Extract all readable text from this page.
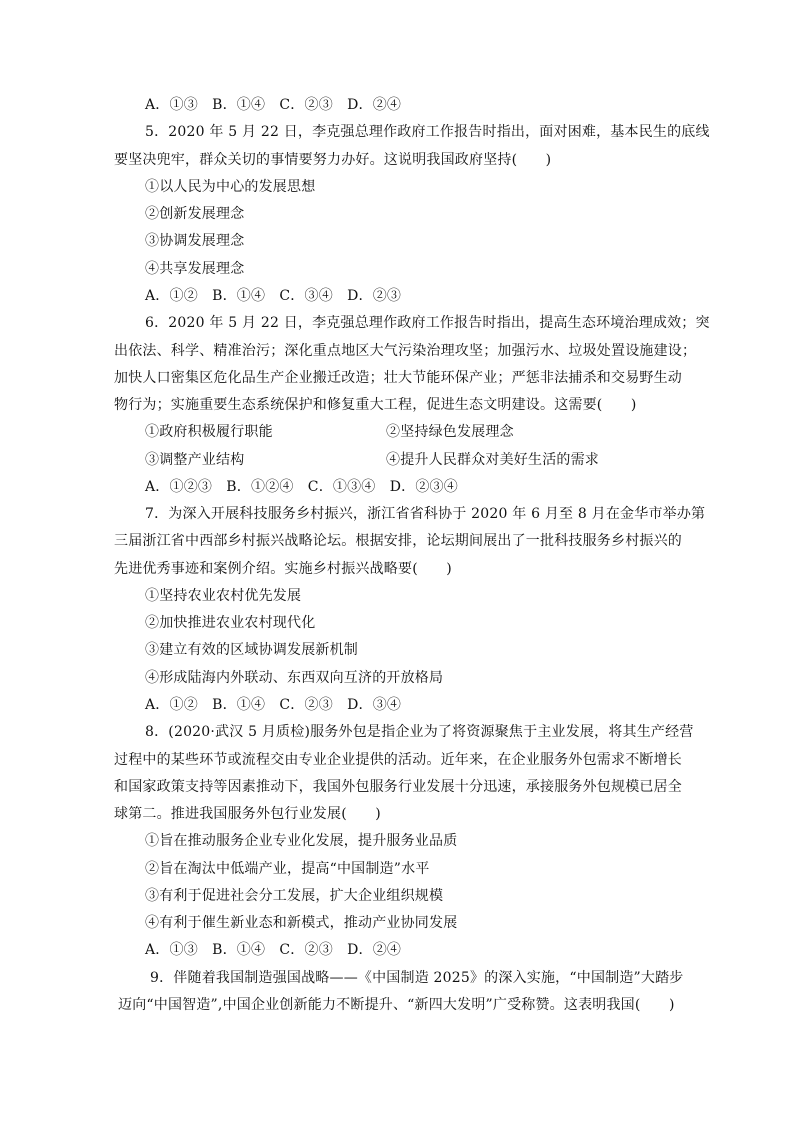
A．①③　B．①④　C．②③　D．②④
5．2020 年 5 月 22 日，李克强总理作政府工作报告时指出，面对困难，基本民生的底线
要坚决兜牢，群众关切的事情要努力办好。这说明我国政府坚持(　　)
①以人民为中心的发展思想
②创新发展理念
③协调发展理念
④共享发展理念
A．①②　B．①④　C．③④　D．②③
6．2020 年 5 月 22 日，李克强总理作政府工作报告时指出，提高生态环境治理成效；突
出依法、科学、精准治污；深化重点地区大气污染治理攻坚；加强污水、垃圾处置设施建设；
加快人口密集区危化品生产企业搬迁改造；壮大节能环保产业；严惩非法捕杀和交易野生动
物行为；实施重要生态系统保护和修复重大工程，促进生态文明建设。这需要(　　)
①政府积极履行职能	②坚持绿色发展理念
③调整产业结构	④提升人民群众对美好生活的需求
A．①②③　B．①②④　C．①③④　D．②③④
7．为深入开展科技服务乡村振兴，浙江省省科协于 2020 年 6 月至 8 月在金华市举办第
三届浙江省中西部乡村振兴战略论坛。根据安排，论坛期间展出了一批科技服务乡村振兴的
先进优秀事迹和案例介绍。实施乡村振兴战略要(　　)
①坚持农业农村优先发展
②加快推进农业农村现代化
③建立有效的区域协调发展新机制
④形成陆海内外联动、东西双向互济的开放格局
A．①②　B．①④　C．②③　D．③④
8．(2020·武汉 5 月质检)服务外包是指企业为了将资源聚焦于主业发展，将其生产经营
过程中的某些环节或流程交由专业企业提供的活动。近年来，在企业服务外包需求不断增长
和国家政策支持等因素推动下，我国外包服务行业发展十分迅速，承接服务外包规模已居全
球第二。推进我国服务外包行业发展(　　)
①旨在推动服务企业专业化发展，提升服务业品质
②旨在淘汰中低端产业，提高“中国制造”水平
③有利于促进社会分工发展，扩大企业组织规模
④有利于催生新业态和新模式，推动产业协同发展
A．①③　B．①④　C．②③　D．②④
9．伴随着我国制造强国战略——《中国制造 2025》的深入实施，“中国制造”大踏步
迈向“中国智造”,中国企业创新能力不断提升、“新四大发明”广受称赞。这表明我国(　　)
